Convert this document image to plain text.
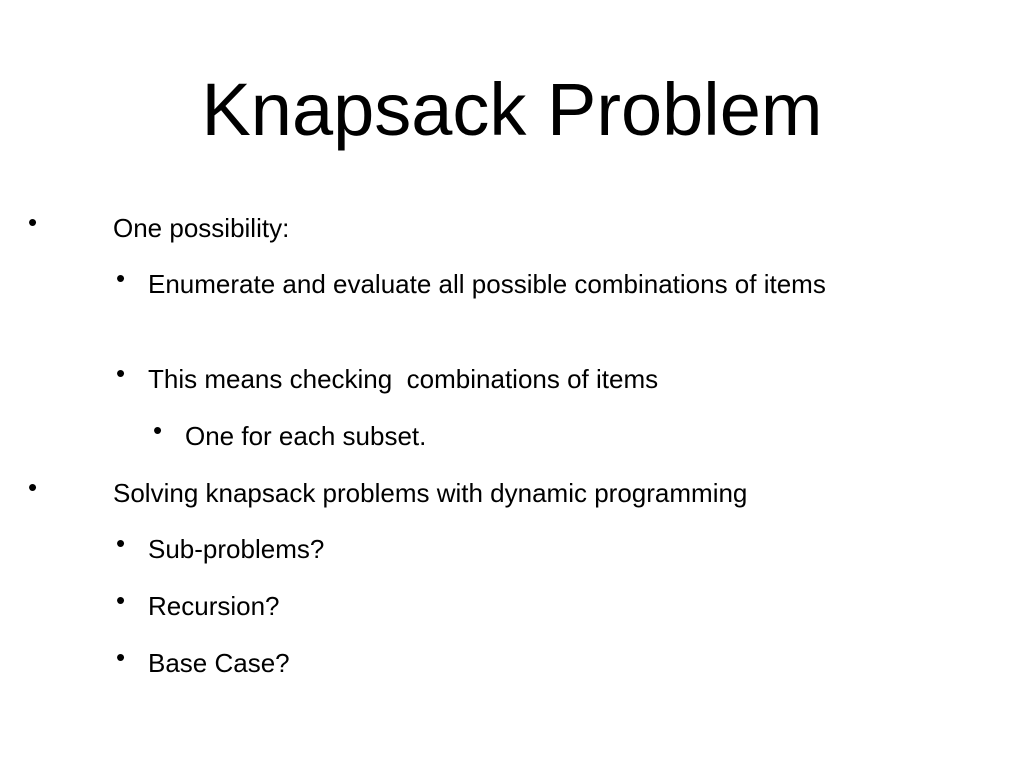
Knapsack Problem
•	One possibility:
• Enumerate and evaluate all possible combinations of items
• This means checking  combinations of items
• One for each subset.
•	Solving knapsack problems with dynamic programming
• Sub-problems?
• Recursion?
• Base Case?
